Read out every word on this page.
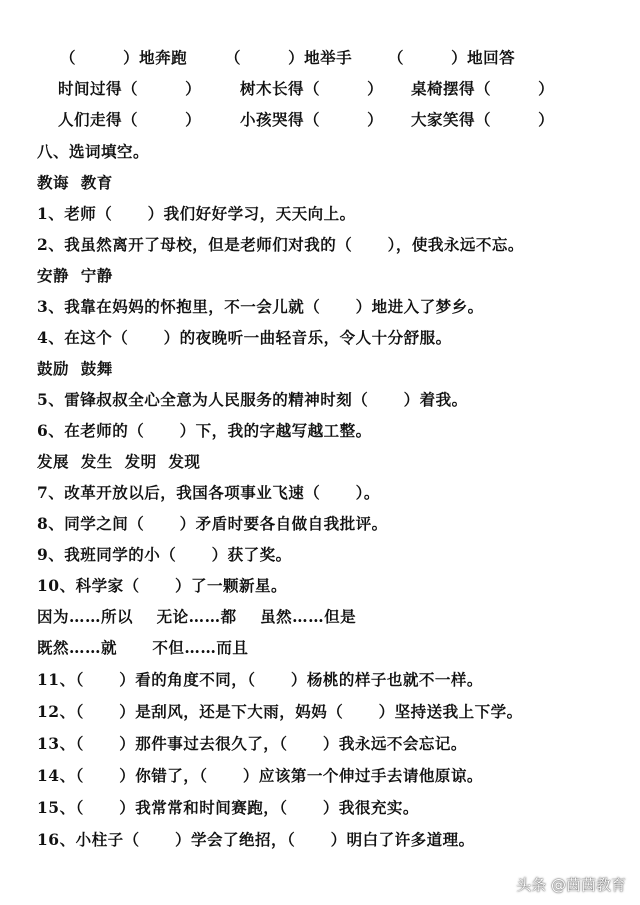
（        ）地奔跑 （        ）地举手 （        ）地回答
时间过得（        ）	树木长得（        ） 桌椅摆得（        ）
人们走得（        ）	小孩哭得（        ） 大家笑得（        ）
八、选词填空。
教诲  教育
1、老师（      ）我们好好学习，天天向上。
2、我虽然离开了母校，但是老师们对我的（      ），使我永远不忘。
安静  宁静
3、我靠在妈妈的怀抱里，不一会儿就（      ）地进入了梦乡。
4、在这个（      ）的夜晚听一曲轻音乐，令人十分舒服。
鼓励  鼓舞
5、雷锋叔叔全心全意为人民服务的精神时刻（      ）着我。
6、在老师的（      ）下，我的字越写越工整。
发展  发生  发明  发现
7、改革开放以后，我国各项事业飞速（      ）。
8、同学之间（      ）矛盾时要各自做自我批评。
9、我班同学的小（      ）获了奖。
10、科学家（      ）了一颗新星。
因为……所以    无论……都    虽然……但是
既然……就      不但……而且
11、（      ）看的角度不同，（      ）杨桃的样子也就不一样。
12、（      ）是刮风，还是下大雨，妈妈（      ）坚持送我上下学。
13、（      ）那件事过去很久了，（      ）我永远不会忘记。
14、（      ）你错了，（      ）应该第一个伸过手去请他原谅。
15、（      ）我常常和时间赛跑，（      ）我很充实。
16、小柱子（      ）学会了绝招，（      ）明白了许多道理。
头条 @茵茵教育
